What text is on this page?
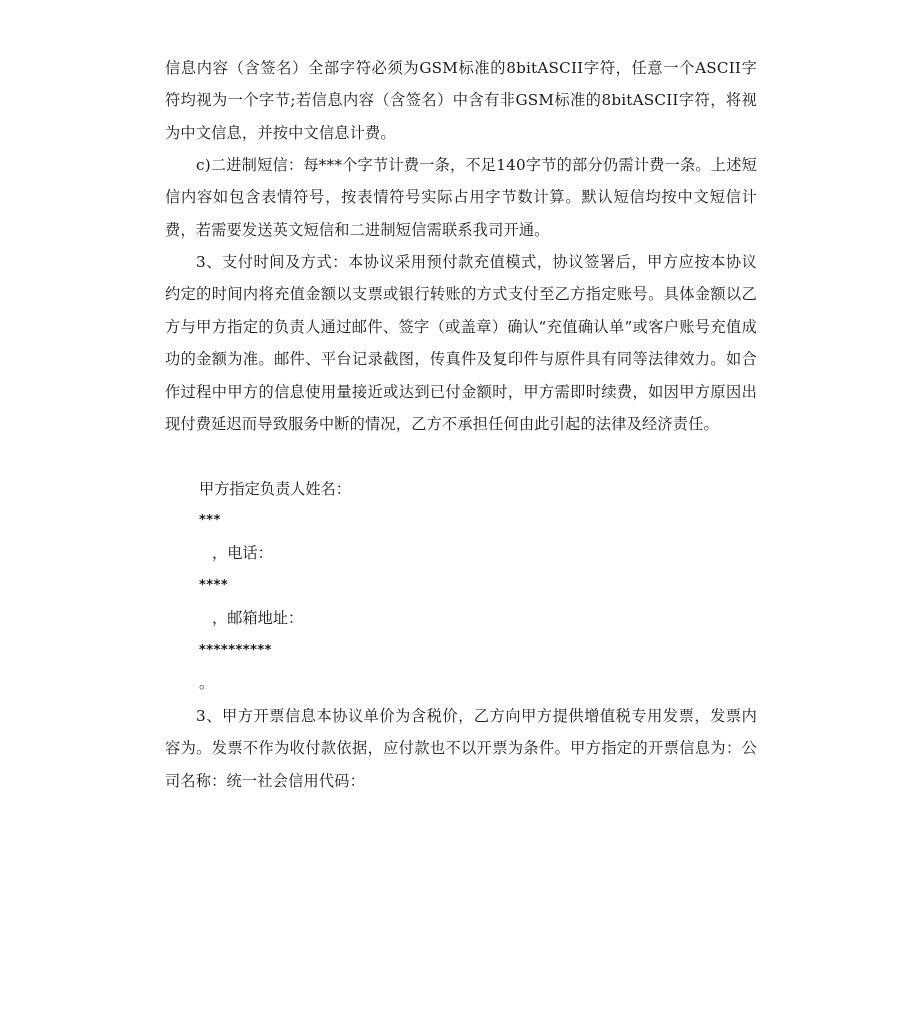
信息内容（含签名）全部字符必须为GSM标准的8bitASCII字符，任意一个ASCII字符均视为一个字节;若信息内容（含签名）中含有非GSM标准的8bitASCII字符，将视为中文信息，并按中文信息计费。
c)二进制短信：每***个字节计费一条，不足140字节的部分仍需计费一条。上述短信内容如包含表情符号，按表情符号实际占用字节数计算。默认短信均按中文短信计费，若需要发送英文短信和二进制短信需联系我司开通。
3、支付时间及方式：本协议采用预付款充值模式，协议签署后，甲方应按本协议约定的时间内将充值金额以支票或银行转账的方式支付至乙方指定账号。具体金额以乙方与甲方指定的负责人通过邮件、签字（或盖章）确认“充值确认单”或客户账号充值成功的金额为准。邮件、平台记录截图，传真件及复印件与原件具有同等法律效力。如合作过程中甲方的信息使用量接近或达到已付金额时，甲方需即时续费，如因甲方原因出现付费延迟而导致服务中断的情况，乙方不承担任何由此引起的法律及经济责任。
甲方指定负责人姓名：
***
，电话：
****
，邮箱地址：
**********
。
3、甲方开票信息本协议单价为含税价，乙方向甲方提供增值税专用发票，发票内容为。发票不作为收付款依据，应付款也不以开票为条件。甲方指定的开票信息为：公司名称：统一社会信用代码：
